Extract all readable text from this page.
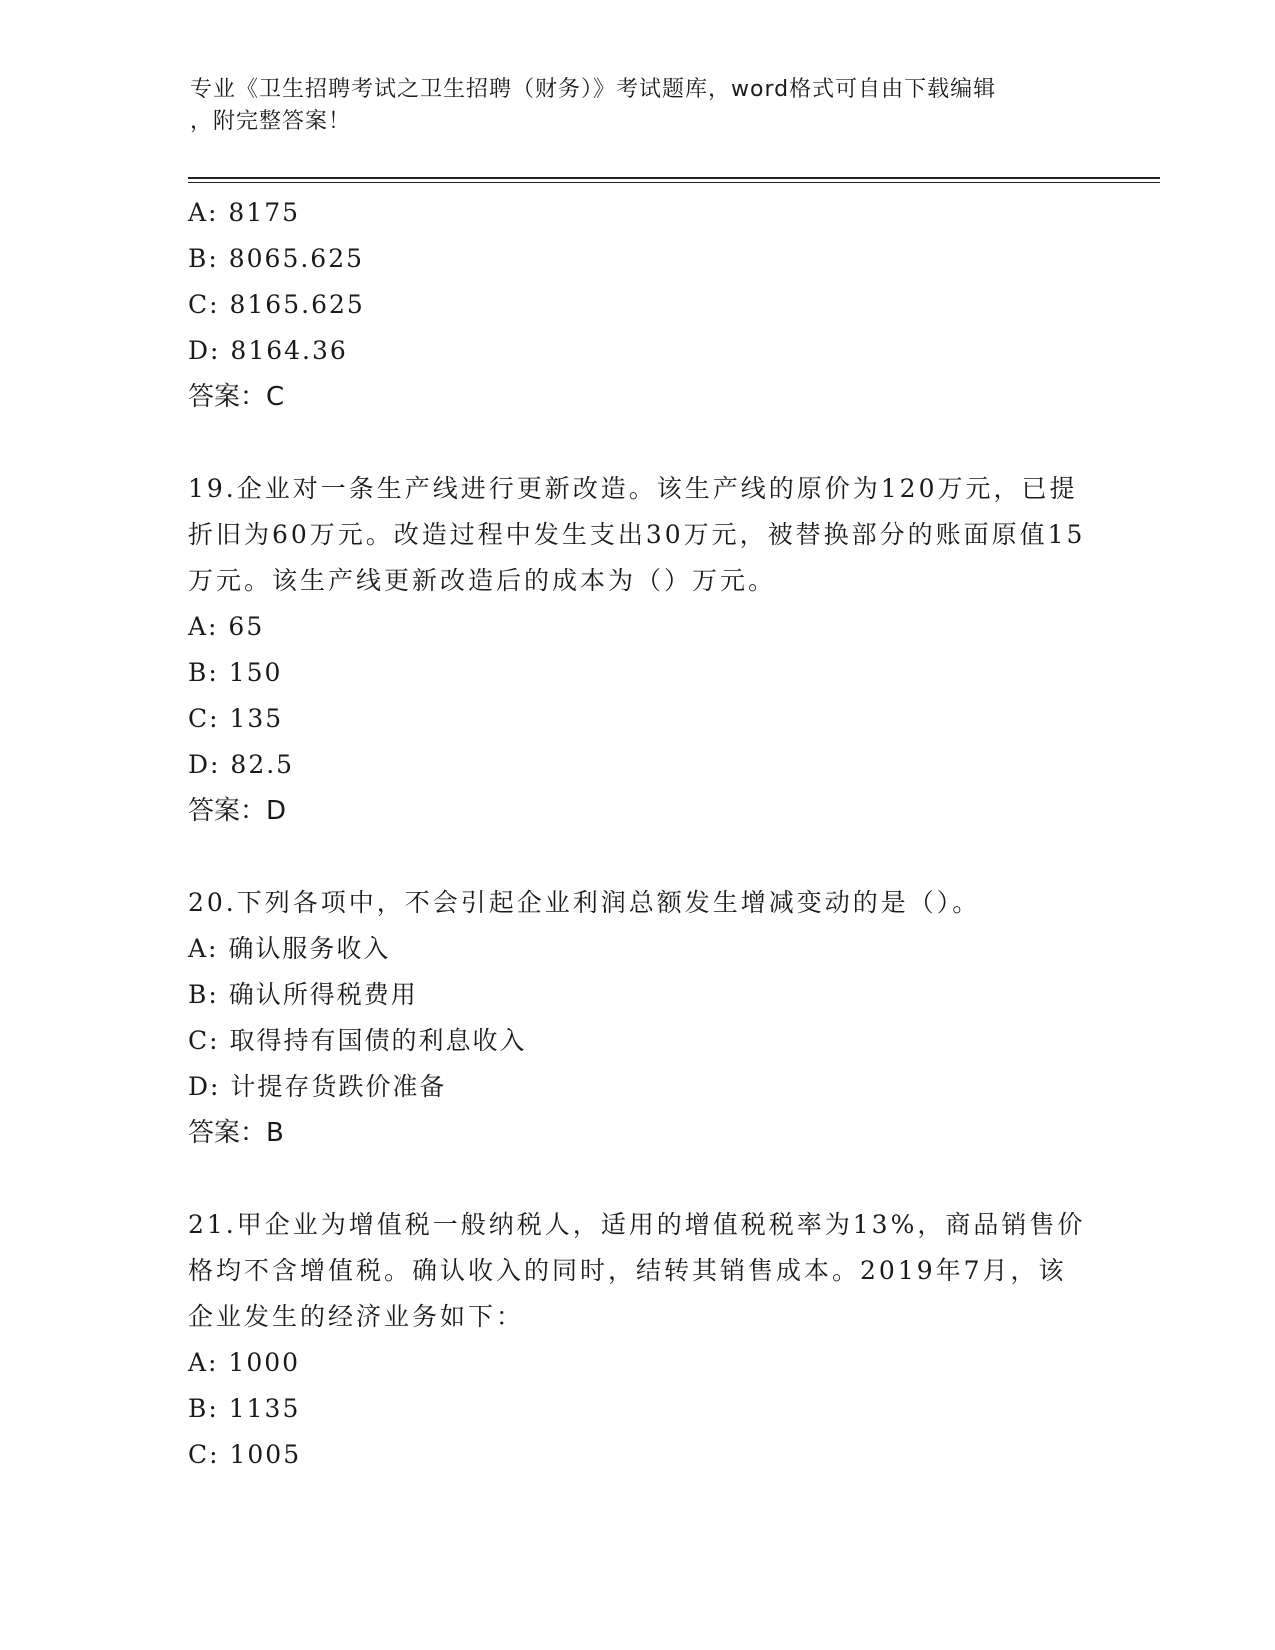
专业《卫生招聘考试之卫生招聘（财务）》考试题库，word格式可自由下载编辑
，附完整答案！
A: 8175
B: 8065.625
C: 8165.625
D: 8164.36
答案：C
19.企业对一条生产线进行更新改造。该生产线的原价为120万元，已提折旧为60万元。改造过程中发生支出30万元，被替换部分的账面原值15万元。该生产线更新改造后的成本为（）万元。
A: 65
B: 150
C: 135
D: 82.5
答案：D
20.下列各项中，不会引起企业利润总额发生增减变动的是（）。
A: 确认服务收入
B: 确认所得税费用
C: 取得持有国债的利息收入
D: 计提存货跌价准备
答案：B
21.甲企业为增值税一般纳税人，适用的增值税税率为13%，商品销售价格均不含增值税。确认收入的同时，结转其销售成本。2019年7月，该企业发生的经济业务如下：
A: 1000
B: 1135
C: 1005
